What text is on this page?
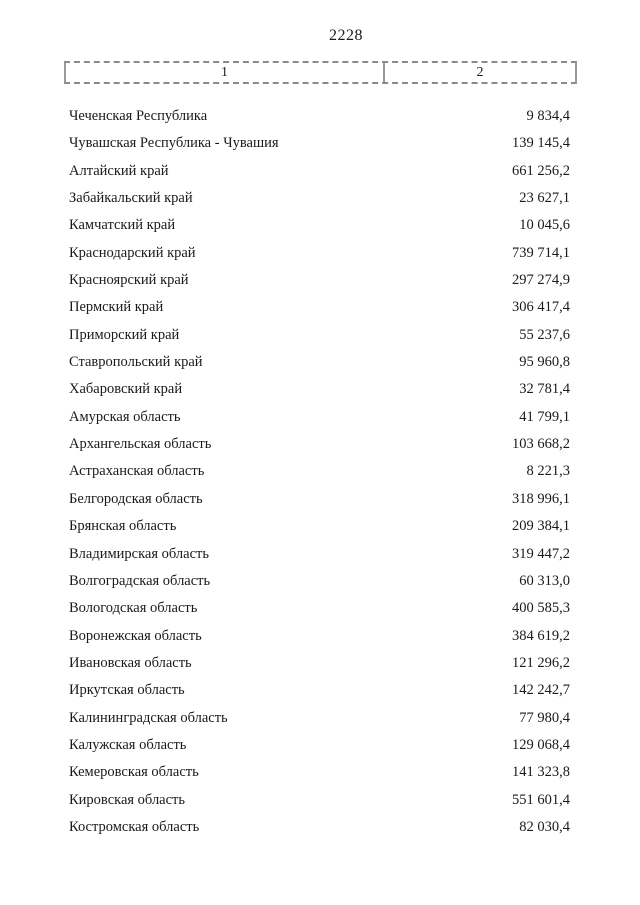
2228
1	2
Чеченская Республика	9 834,4
Чувашская Республика - Чувашия	139 145,4
Алтайский край	661 256,2
Забайкальский край	23 627,1
Камчатский край	10 045,6
Краснодарский край	739 714,1
Красноярский край	297 274,9
Пермский край	306 417,4
Приморский край	55 237,6
Ставропольский край	95 960,8
Хабаровский край	32 781,4
Амурская область	41 799,1
Архангельская область	103 668,2
Астраханская область	8 221,3
Белгородская область	318 996,1
Брянская область	209 384,1
Владимирская область	319 447,2
Волгоградская область	60 313,0
Вологодская область	400 585,3
Воронежская область	384 619,2
Ивановская область	121 296,2
Иркутская область	142 242,7
Калининградская область	77 980,4
Калужская область	129 068,4
Кемеровская область	141 323,8
Кировская область	551 601,4
Костромская область	82 030,4
